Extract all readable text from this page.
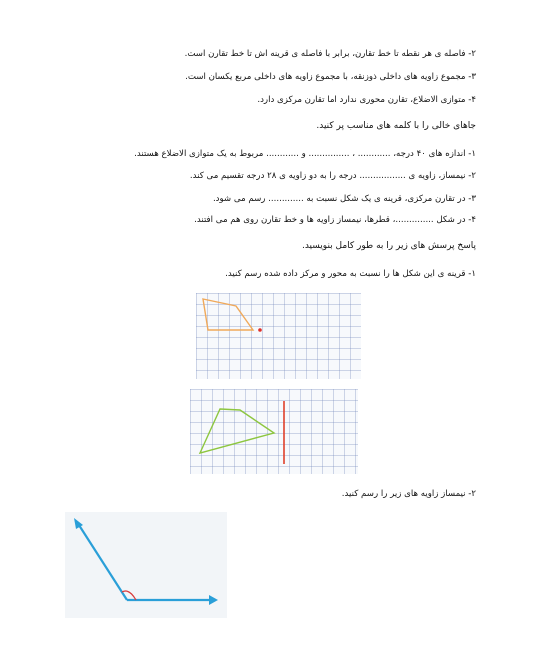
۲- فاصله ی هر نقطه تا خط تقارن، برابر با فاصله ی قرینه اش تا خط تقارن است.
۳- مجموع زاویه های داخلی ذوزنقه، با مجموع زاویه های داخلی مربع یکسان است.
۴- متوازی الاضلاع، تقارن محوری ندارد اما تقارن مرکزی دارد.
جاهای خالی را با کلمه های مناسب پر کنید.
۱- اندازه های ۴۰ درجه، ............ ، ............... و ............ مربوط به یک متوازی الاضلاع هستند.
۲- نیمساز، زاویه ی ................. درجه را به دو زاویه ی ۲۸ درجه تقسیم می کند.
۳- در تقارن مرکزی، قرینه ی یک شکل نسبت به ............. رسم می شود.
۴- در شکل ..............، قطرها، نیمساز زاویه ها و خط تقارن روی هم می افتند.
پاسخ پرسش های زیر را به طور کامل بنویسید.
۱- قرینه ی این شکل ها را نسبت به محور و مرکز داده شده رسم کنید.
۲- نیمساز زاویه های زیر را رسم کنید.
